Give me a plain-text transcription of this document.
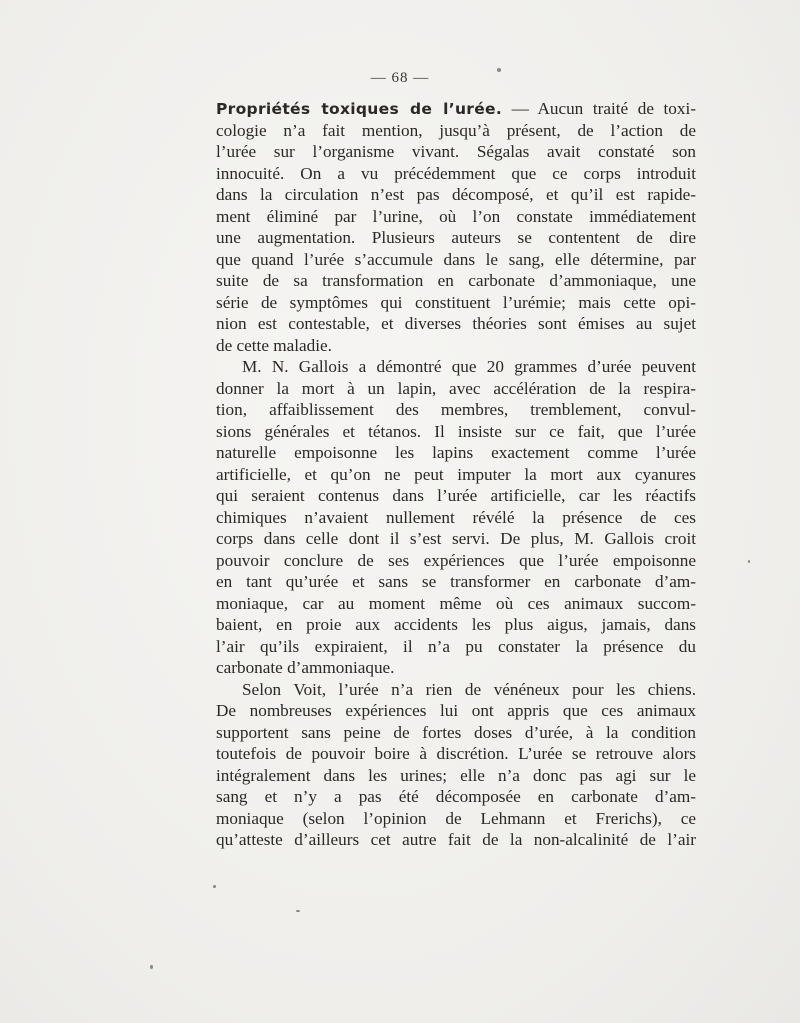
— 68 —
Propriétés toxiques de l’urée. — Aucun traité de toxi-
cologie n’a fait mention, jusqu’à présent, de l’action de
l’urée sur l’organisme vivant. Ségalas avait constaté son
innocuité. On a vu précédemment que ce corps introduit
dans la circulation n’est pas décomposé, et qu’il est rapide-
ment éliminé par l’urine, où l’on constate immédiatement
une augmentation. Plusieurs auteurs se contentent de dire
que quand l’urée s’accumule dans le sang, elle détermine, par
suite de sa transformation en carbonate d’ammoniaque, une
série de symptômes qui constituent l’urémie; mais cette opi-
nion est contestable, et diverses théories sont émises au sujet
de cette maladie.
M. N. Gallois a démontré que 20 grammes d’urée peuvent
donner la mort à un lapin, avec accélération de la respira-
tion, affaiblissement des membres, tremblement, convul-
sions générales et tétanos. Il insiste sur ce fait, que l’urée
naturelle empoisonne les lapins exactement comme l’urée
artificielle, et qu’on ne peut imputer la mort aux cyanures
qui seraient contenus dans l’urée artificielle, car les réactifs
chimiques n’avaient nullement révélé la présence de ces
corps dans celle dont il s’est servi. De plus, M. Gallois croit
pouvoir conclure de ses expériences que l’urée empoisonne
en tant qu’urée et sans se transformer en carbonate d’am-
moniaque, car au moment même où ces animaux succom-
baient, en proie aux accidents les plus aigus, jamais, dans
l’air qu’ils expiraient, il n’a pu constater la présence du
carbonate d’ammoniaque.
Selon Voit, l’urée n’a rien de vénéneux pour les chiens.
De nombreuses expériences lui ont appris que ces animaux
supportent sans peine de fortes doses d’urée, à la condition
toutefois de pouvoir boire à discrétion. L’urée se retrouve alors
intégralement dans les urines; elle n’a donc pas agi sur le
sang et n’y a pas été décomposée en carbonate d’am-
moniaque (selon l’opinion de Lehmann et Frerichs), ce
qu’atteste d’ailleurs cet autre fait de la non-alcalinité de l’air
